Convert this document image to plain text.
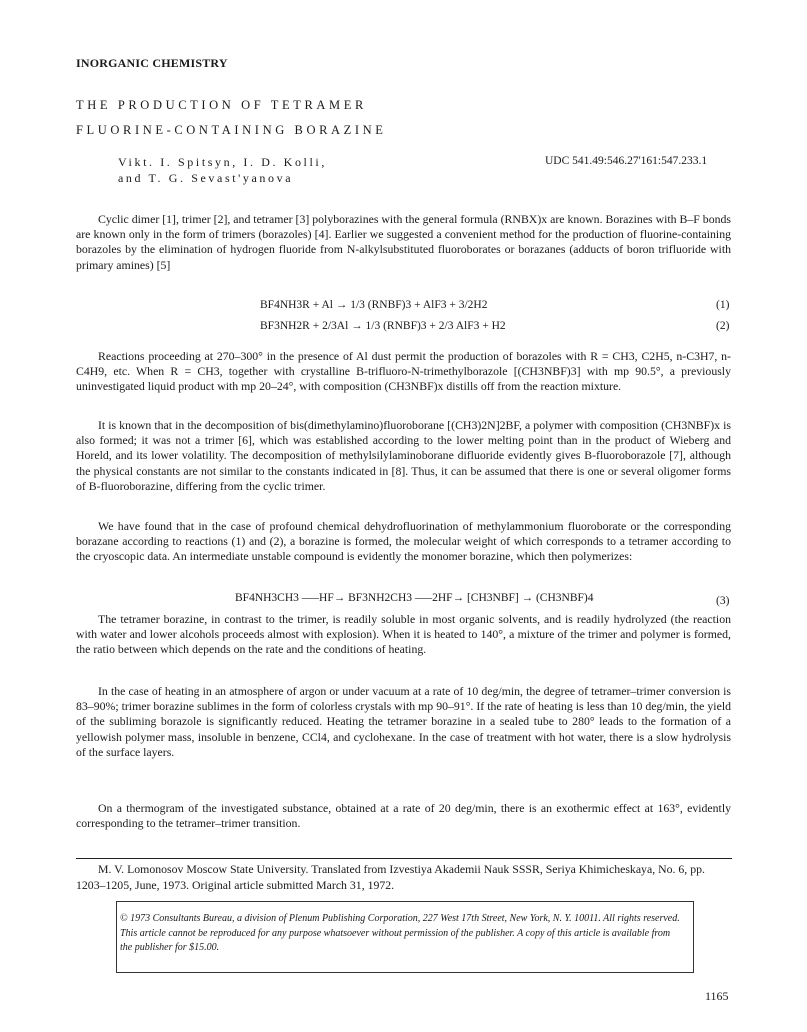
INORGANIC CHEMISTRY
THE PRODUCTION OF TETRAMER
FLUORINE-CONTAINING BORAZINE
Vikt. I. Spitsyn, I. D. Kolli,
and T. G. Sevast'yanova
UDC 541.49:546.27'161:547.233.1

Cyclic dimer [1], trimer [2], and tetramer [3] polyborazines with the general formula (RNBX)x are known. Borazines with B–F bonds are known only in the form of trimers (borazoles) [4]. Earlier we suggested a convenient method for the production of fluorine-containing borazoles by the elimination of hydrogen fluoride from N-alkylsubstituted fluoroborates or borazanes (adducts of boron trifluoride with primary amines) [5]

BF4NH3R + Al → 1/3 (RNBF)3 + AlF3 + 3/2H2	(1)
BF3NH2R + 2/3Al → 1/3 (RNBF)3 + 2/3 AlF3 + H2	(2)

Reactions proceeding at 270–300° in the presence of Al dust permit the production of borazoles with R = CH3, C2H5, n-C3H7, n-C4H9, etc. When R = CH3, together with crystalline B-trifluoro-N-trimethylborazole [(CH3NBF)3] with mp 90.5°, a previously uninvestigated liquid product with mp 20–24°, with composition (CH3NBF)x distills off from the reaction mixture.

It is known that in the decomposition of bis(dimethylamino)fluoroborane [(CH3)2N]2BF, a polymer with composition (CH3NBF)x is also formed; it was not a trimer [6], which was established according to the lower melting point than in the product of Wieberg and Horeld, and its lower volatility. The decomposition of methylsilylaminoborane difluoride evidently gives B-fluoroborazole [7], although the physical constants are not similar to the constants indicated in [8]. Thus, it can be assumed that there is one or several oligomer forms of B-fluoroborazine, differing from the cyclic trimer.

We have found that in the case of profound chemical dehydrofluorination of methylammonium fluoroborate or the corresponding borazane according to reactions (1) and (2), a borazine is formed, the molecular weight of which corresponds to a tetramer according to the cryoscopic data. An intermediate unstable compound is evidently the monomer borazine, which then polymerizes:

BF4NH3CH3 —–HF→ BF3NH2CH3 —–2HF→ [CH3NBF] → (CH3NBF)4	(3)

The tetramer borazine, in contrast to the trimer, is readily soluble in most organic solvents, and is readily hydrolyzed (the reaction with water and lower alcohols proceeds almost with explosion). When it is heated to 140°, a mixture of the trimer and polymer is formed, the ratio between which depends on the rate and the conditions of heating.

In the case of heating in an atmosphere of argon or under vacuum at a rate of 10 deg/min, the degree of tetramer–trimer conversion is 83–90%; trimer borazine sublimes in the form of colorless crystals with mp 90–91°. If the rate of heating is less than 10 deg/min, the yield of the subliming borazole is significantly reduced. Heating the tetramer borazine in a sealed tube to 280° leads to the formation of a yellowish polymer mass, insoluble in benzene, CCl4, and cyclohexane. In the case of treatment with hot water, there is a slow hydrolysis of the surface layers.

On a thermogram of the investigated substance, obtained at a rate of 20 deg/min, there is an exothermic effect at 163°, evidently corresponding to the tetramer–trimer transition.

M. V. Lomonosov Moscow State University. Translated from Izvestiya Akademii Nauk SSSR, Seriya Khimicheskaya, No. 6, pp. 1203–1205, June, 1973. Original article submitted March 31, 1972.
© 1973 Consultants Bureau, a division of Plenum Publishing Corporation, 227 West 17th Street, New York, N. Y. 10011. All rights reserved. This article cannot be reproduced for any purpose whatsoever without permission of the publisher. A copy of this article is available from the publisher for $15.00.
1165
